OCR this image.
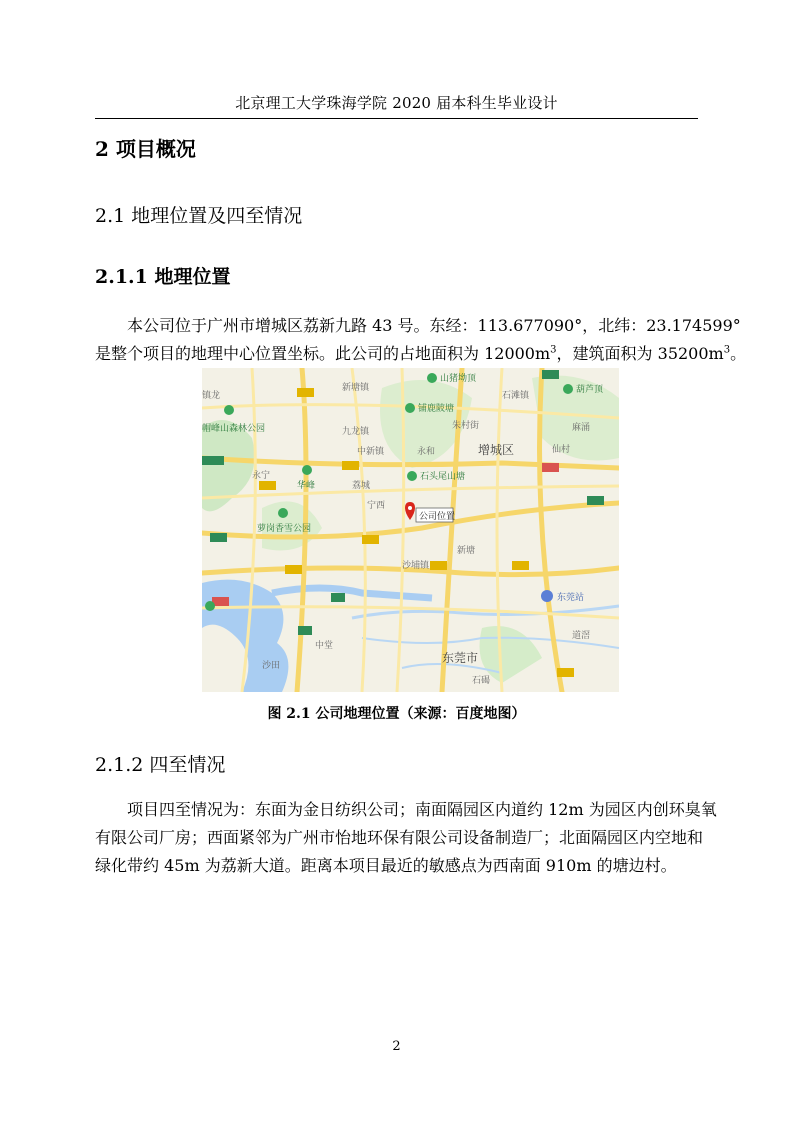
北京理工大学珠海学院 2020 届本科生毕业设计
2 项目概况
2.1 地理位置及四至情况
2.1.1 地理位置
本公司位于广州市增城区荔新九路 43 号。东经：113.677090°，北纬：23.174599°
是整个项目的地理中心位置坐标。此公司的占地面积为 $12000m^3$，建筑面积为 $35200m^3$。
新塘镇
石滩镇
九龙镇
朱村街
中新镇	永和	仙村
镇龙
永宁
荔城
宁西
沙埔镇
新塘
麻涌
中堂
石碣
沙田
道滘
增城区
东莞市
山猪坳顶
铺鹿陂塘
葫芦顶
帽峰山森林公园
华峰
石头尾山塘
萝岗香雪公园
东莞站
公司位置
图 2.1 公司地理位置（来源：百度地图）
2.1.2 四至情况
项目四至情况为：东面为金日纺织公司；南面隔园区内道约 12m 为园区内创环臭氧
有限公司厂房；西面紧邻为广州市怡地环保有限公司设备制造厂；北面隔园区内空地和
绿化带约 45m 为荔新大道。距离本项目最近的敏感点为西南面 910m 的塘边村。
2
